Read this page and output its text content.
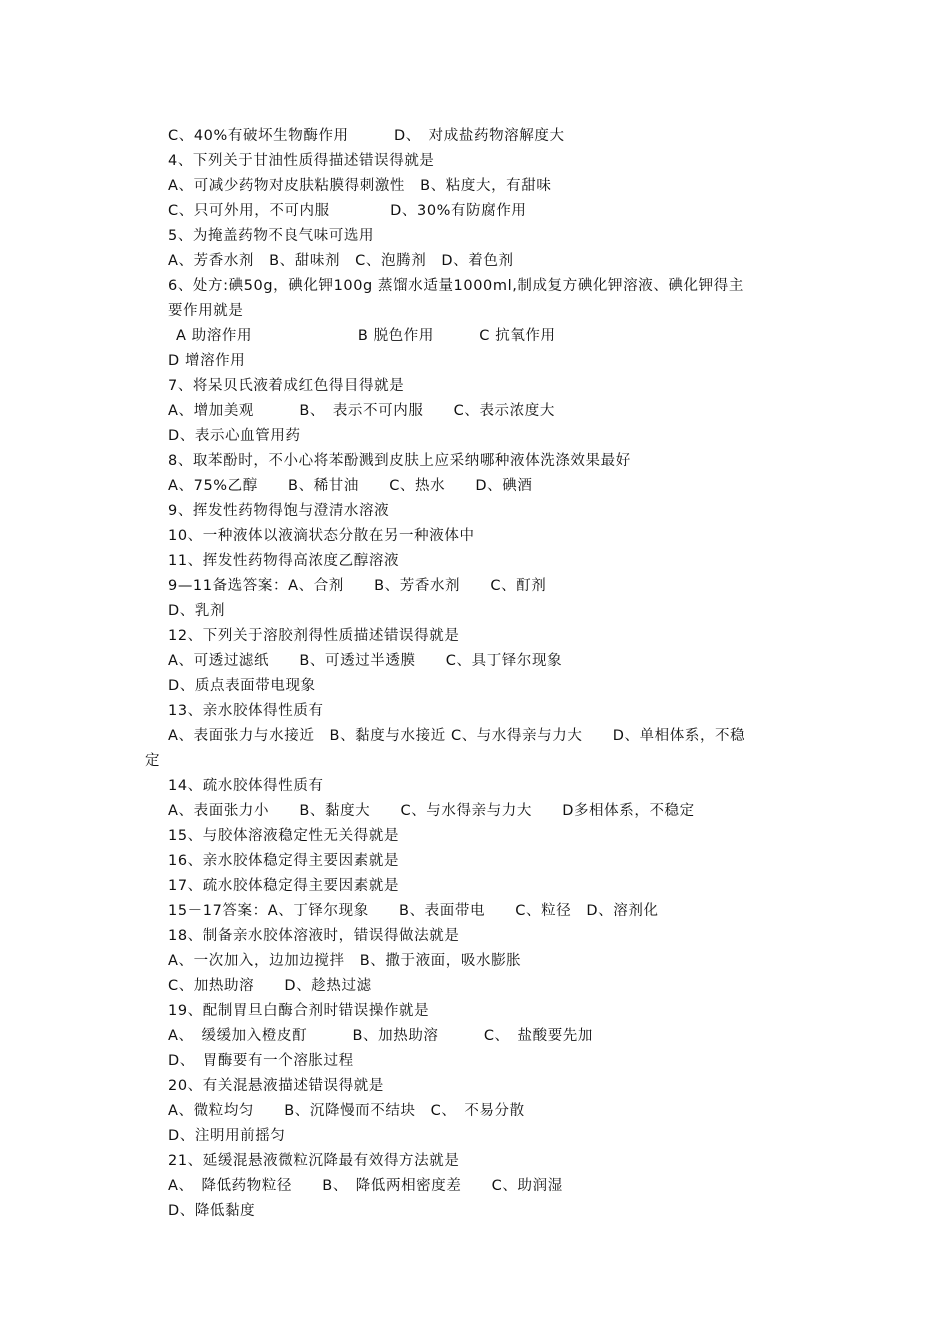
C、40%有破坏生物酶作用　　　D、　对成盐药物溶解度大
4、下列关于甘油性质得描述错误得就是
A、可减少药物对皮肤粘膜得刺激性　B、粘度大，有甜味
C、只可外用，不可内服　　　　D、30%有防腐作用
5、为掩盖药物不良气味可选用
A、芳香水剂　B、甜味剂　C、泡腾剂　D、着色剂
6、处方:碘50g，碘化钾100g 蒸馏水适量1000ml,制成复方碘化钾溶液、碘化钾得主
要作用就是
A 助溶作用　　　　　　　B 脱色作用　　　C 抗氧作用
D 增溶作用
7、将呆贝氏液着成红色得目得就是
A、增加美观　　　B、　表示不可内服　　C、表示浓度大
D、表示心血管用药
8、取苯酚时，不小心将苯酚溅到皮肤上应采纳哪种液体洗涤效果最好
A、75%乙醇　　B、稀甘油　　C、热水　　D、碘酒
9、挥发性药物得饱与澄清水溶液
10、一种液体以液滴状态分散在另一种液体中
11、挥发性药物得高浓度乙醇溶液
9—11备选答案：A、合剂　　B、芳香水剂　　C、酊剂
D、乳剂
12、下列关于溶胶剂得性质描述错误得就是
A、可透过滤纸　　B、可透过半透膜　　C、具丁铎尔现象
D、质点表面带电现象
13、亲水胶体得性质有
A、表面张力与水接近　B、黏度与水接近 C、与水得亲与力大　　D、单相体系，不稳
定
14、疏水胶体得性质有
A、表面张力小　　B、黏度大　　C、与水得亲与力大　　D多相体系，不稳定
15、与胶体溶液稳定性无关得就是
16、亲水胶体稳定得主要因素就是
17、疏水胶体稳定得主要因素就是
15－17答案：A、丁铎尔现象　　B、表面带电　　C、粒径　D、溶剂化
18、制备亲水胶体溶液时，错误得做法就是
A、一次加入，边加边搅拌　B、撒于液面，吸水膨胀
C、加热助溶　　D、趁热过滤
19、配制胃旦白酶合剂时错误操作就是
A、　缓缓加入橙皮酊　　　B、加热助溶　　　C、　盐酸要先加
D、　胃酶要有一个溶胀过程
20、有关混悬液描述错误得就是
A、微粒均匀　　B、沉降慢而不结块　C、　不易分散
D、注明用前摇匀
21、延缓混悬液微粒沉降最有效得方法就是
A、　降低药物粒径　　B、　降低两相密度差　　C、助润湿
D、降低黏度
